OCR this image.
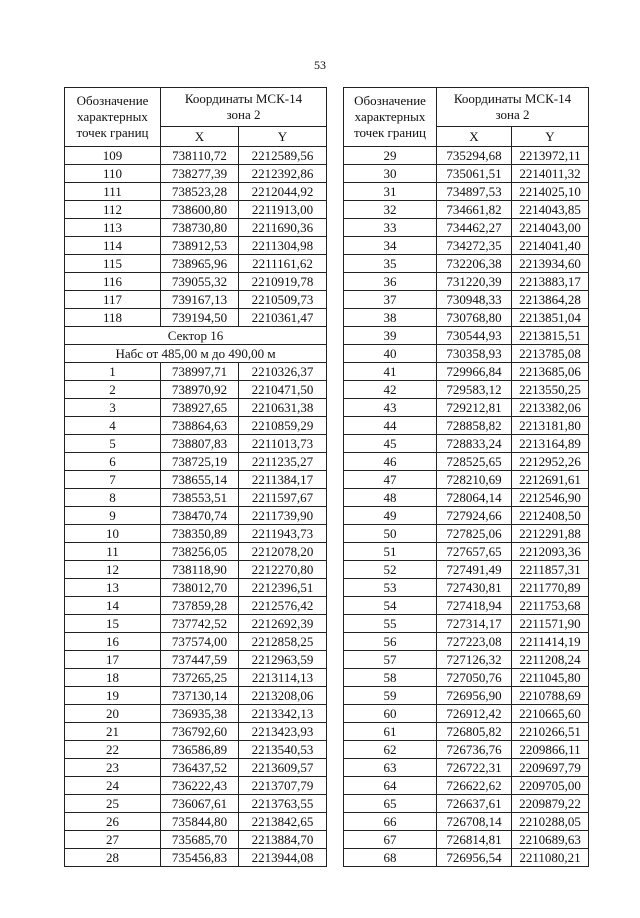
53
Обозначение характерных точек границ	Координаты МСК-14 зона 2	
	X	Y
109	738110,72	2212589,56
110	738277,39	2212392,86
111	738523,28	2212044,92
112	738600,80	2211913,00
113	738730,80	2211690,36
114	738912,53	2211304,98
115	738965,96	2211161,62
116	739055,32	2210919,78
117	739167,13	2210509,73
118	739194,50	2210361,47
Сектор 16		
Набс от 485,00 м до 490,00 м		
1	738997,71	2210326,37
2	738970,92	2210471,50
3	738927,65	2210631,38
4	738864,63	2210859,29
5	738807,83	2211013,73
6	738725,19	2211235,27
7	738655,14	2211384,17
8	738553,51	2211597,67
9	738470,74	2211739,90
10	738350,89	2211943,73
11	738256,05	2212078,20
12	738118,90	2212270,80
13	738012,70	2212396,51
14	737859,28	2212576,42
15	737742,52	2212692,39
16	737574,00	2212858,25
17	737447,59	2212963,59
18	737265,25	2213114,13
19	737130,14	2213208,06
20	736935,38	2213342,13
21	736792,60	2213423,93
22	736586,89	2213540,53
23	736437,52	2213609,57
24	736222,43	2213707,79
25	736067,61	2213763,55
26	735844,80	2213842,65
27	735685,70	2213884,70
28	735456,83	2213944,08
Обозначение характерных точек границ	Координаты МСК-14 зона 2	
	X	Y
29	735294,68	2213972,11
30	735061,51	2214011,32
31	734897,53	2214025,10
32	734661,82	2214043,85
33	734462,27	2214043,00
34	734272,35	2214041,40
35	732206,38	2213934,60
36	731220,39	2213883,17
37	730948,33	2213864,28
38	730768,80	2213851,04
39	730544,93	2213815,51
40	730358,93	2213785,08
41	729966,84	2213685,06
42	729583,12	2213550,25
43	729212,81	2213382,06
44	728858,82	2213181,80
45	728833,24	2213164,89
46	728525,65	2212952,26
47	728210,69	2212691,61
48	728064,14	2212546,90
49	727924,66	2212408,50
50	727825,06	2212291,88
51	727657,65	2212093,36
52	727491,49	2211857,31
53	727430,81	2211770,89
54	727418,94	2211753,68
55	727314,17	2211571,90
56	727223,08	2211414,19
57	727126,32	2211208,24
58	727050,76	2211045,80
59	726956,90	2210788,69
60	726912,42	2210665,60
61	726805,82	2210266,51
62	726736,76	2209866,11
63	726722,31	2209697,79
64	726622,62	2209705,00
65	726637,61	2209879,22
66	726708,14	2210288,05
67	726814,81	2210689,63
68	726956,54	2211080,21
